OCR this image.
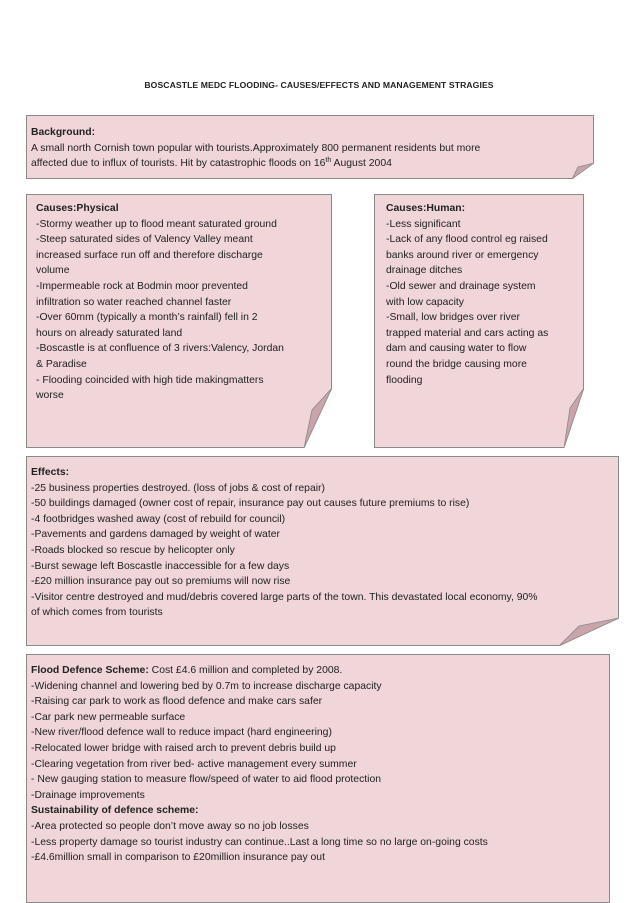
BOSCASTLE MEDC FLOODING- CAUSES/EFFECTS AND MANAGEMENT STRAGIES
Background:
A small north Cornish town popular with tourists.Approximately 800 permanent residents but more
affected due to influx of tourists. Hit by catastrophic floods on 16th August 2004
Causes:Physical
-Stormy weather up to flood meant saturated ground
-Steep saturated sides of Valency Valley meant
increased surface run off and therefore discharge
volume
-Impermeable rock at Bodmin moor prevented
infiltration so water reached channel faster
-Over 60mm (typically a month’s rainfall) fell in 2
hours on already saturated land
-Boscastle is at confluence of 3 rivers:Valency, Jordan
& Paradise
- Flooding coincided with high tide makingmatters
worse
Causes:Human:
-Less significant
-Lack of any flood control eg raised
banks around river or emergency
drainage ditches
-Old sewer and drainage system
with low capacity
-Small, low bridges over river
trapped material and cars acting as
dam and causing water to flow
round the bridge causing more
flooding
Effects:
-25 business properties destroyed. (loss of jobs & cost of repair)
-50 buildings damaged (owner cost of repair, insurance pay out causes future premiums to rise)
-4 footbridges washed away (cost of rebuild for council)
-Pavements and gardens damaged by weight of water
-Roads blocked so rescue by helicopter only
-Burst sewage left Boscastle inaccessible for a few days
-£20 million insurance pay out so premiums will now rise
-Visitor centre destroyed and mud/debris covered large parts of the town. This devastated local economy, 90%
of which comes from tourists
Flood Defence Scheme: Cost £4.6 million and completed by 2008.
-Widening channel and lowering bed by 0.7m to increase discharge capacity
-Raising car park to work as flood defence and make cars safer
-Car park new permeable surface
-New river/flood defence wall to reduce impact (hard engineering)
-Relocated lower bridge with raised arch to prevent debris build up
-Clearing vegetation from river bed- active management every summer
- New gauging station to measure flow/speed of water to aid flood protection
-Drainage improvements
Sustainability of defence scheme:
-Area protected so people don’t move away so no job losses
-Less property damage so tourist industry can continue..Last a long time so no large on-going costs
-£4.6million small in comparison to £20million insurance pay out
